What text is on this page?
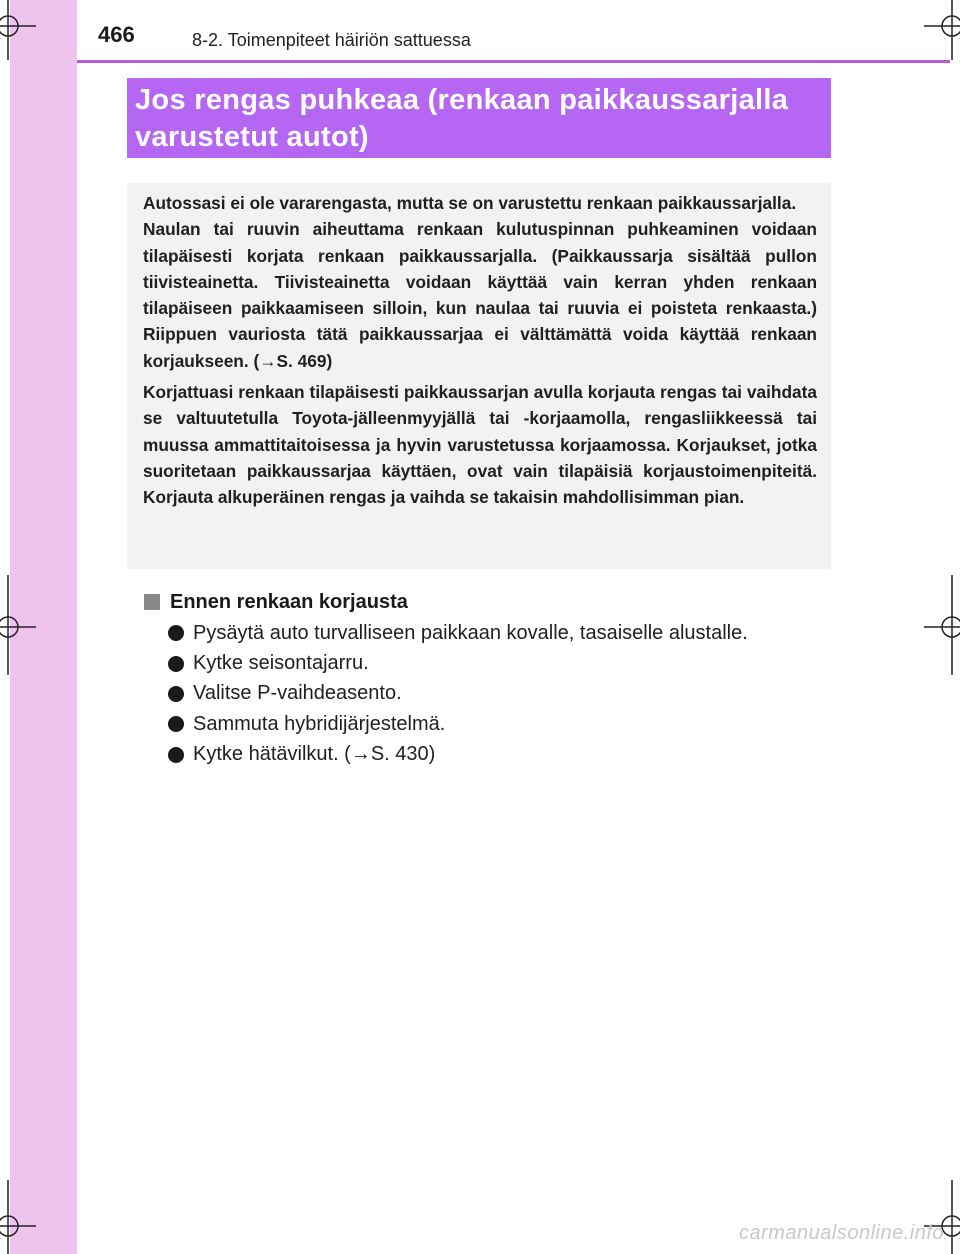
466	8-2. Toimenpiteet häiriön sattuessa
Jos rengas puhkeaa (renkaan paikkaussarjalla varustetut autot)

Autossasi ei ole vararengasta, mutta se on varustettu renkaan paikkaussarjalla.

Naulan tai ruuvin aiheuttama renkaan kulutuspinnan puhkeaminen voidaan tilapäisesti korjata renkaan paikkaussarjalla. (Paikkaussarja sisältää pullon tiivisteainetta. Tiivisteainetta voidaan käyttää vain kerran yhden renkaan tilapäiseen paikkaamiseen silloin, kun naulaa tai ruuvia ei poisteta renkaasta.) Riippuen vauriosta tätä paikkaussarjaa ei välttämättä voida käyttää renkaan korjaukseen. (→S. 469)

Korjattuasi renkaan tilapäisesti paikkaussarjan avulla korjauta rengas tai vaihdata se valtuutetulla Toyota-jälleenmyyjällä tai -korjaamolla, rengasliikkeessä tai muussa ammattitaitoisessa ja hyvin varustetussa korjaamossa. Korjaukset, jotka suoritetaan paikkaussarjaa käyttäen, ovat vain tilapäisiä korjaustoimenpiteitä. Korjauta alkuperäinen rengas ja vaihda se takaisin mahdollisimman pian.

Ennen renkaan korjausta
Pysäytä auto turvalliseen paikkaan kovalle, tasaiselle alustalle.
Kytke seisontajarru.
Valitse P-vaihdeasento.
Sammuta hybridijärjestelmä.
Kytke hätävilkut. (→S. 430)
carmanualsonline.info
